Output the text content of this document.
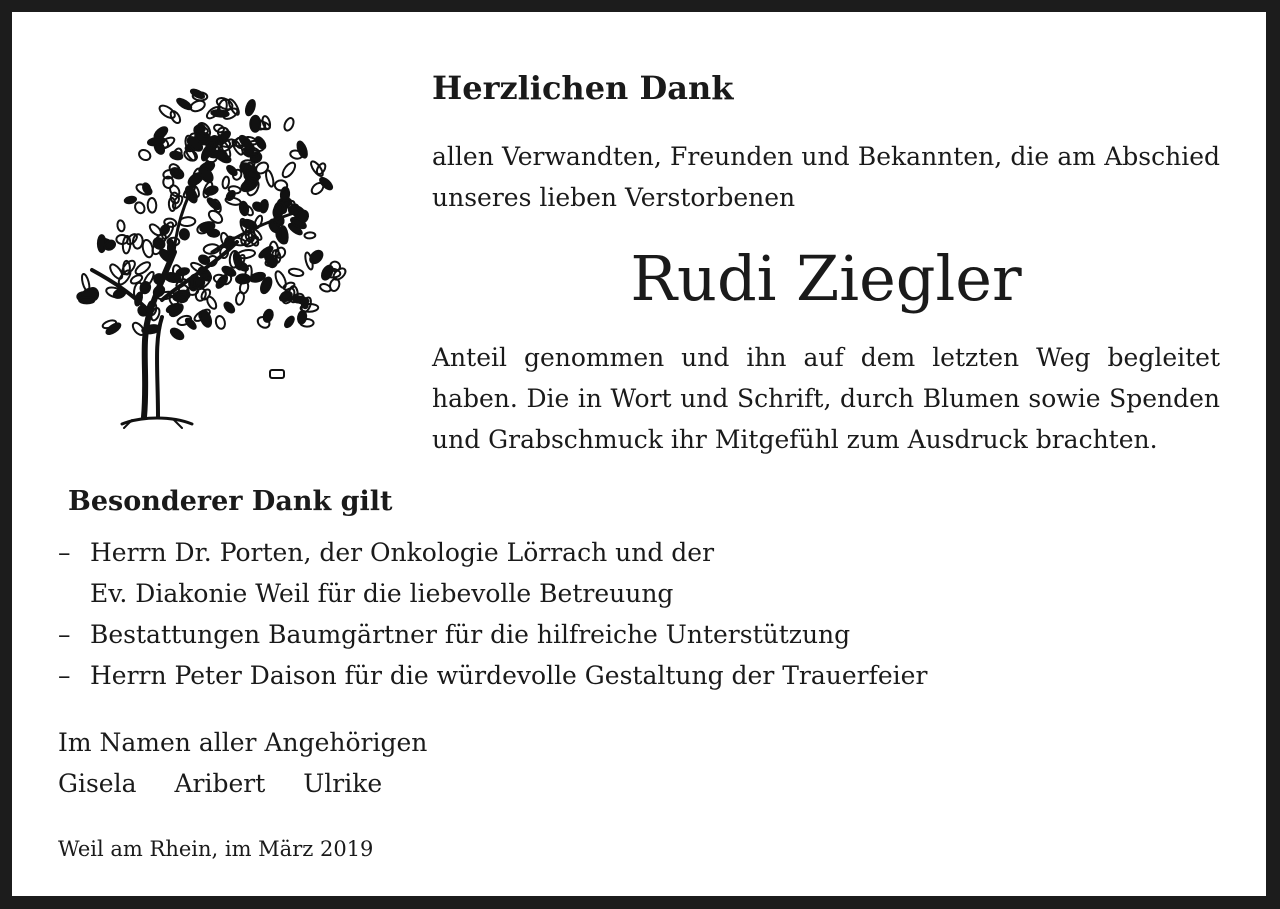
Herzlichen Dank
allen Verwandten, Freunden und Bekannten, die am Abschied unseres lieben Verstorbenen
Rudi Ziegler
Anteil genommen und ihn auf dem letzten Weg begleitet haben. Die in Wort und Schrift, durch Blumen sowie Spenden und Grabschmuck ihr Mitgefühl zum Ausdruck brachten.
Besonderer Dank gilt
– Herrn Dr. Porten, der Onkologie Lörrach und der
Ev. Diakonie Weil für die liebevolle Betreuung
– Bestattungen Baumgärtner für die hilfreiche Unterstützung
– Herrn Peter Daison für die würdevolle Gestaltung der Trauerfeier
Im Namen aller Angehörigen
Gisela Aribert Ulrike
Weil am Rhein, im März 2019
